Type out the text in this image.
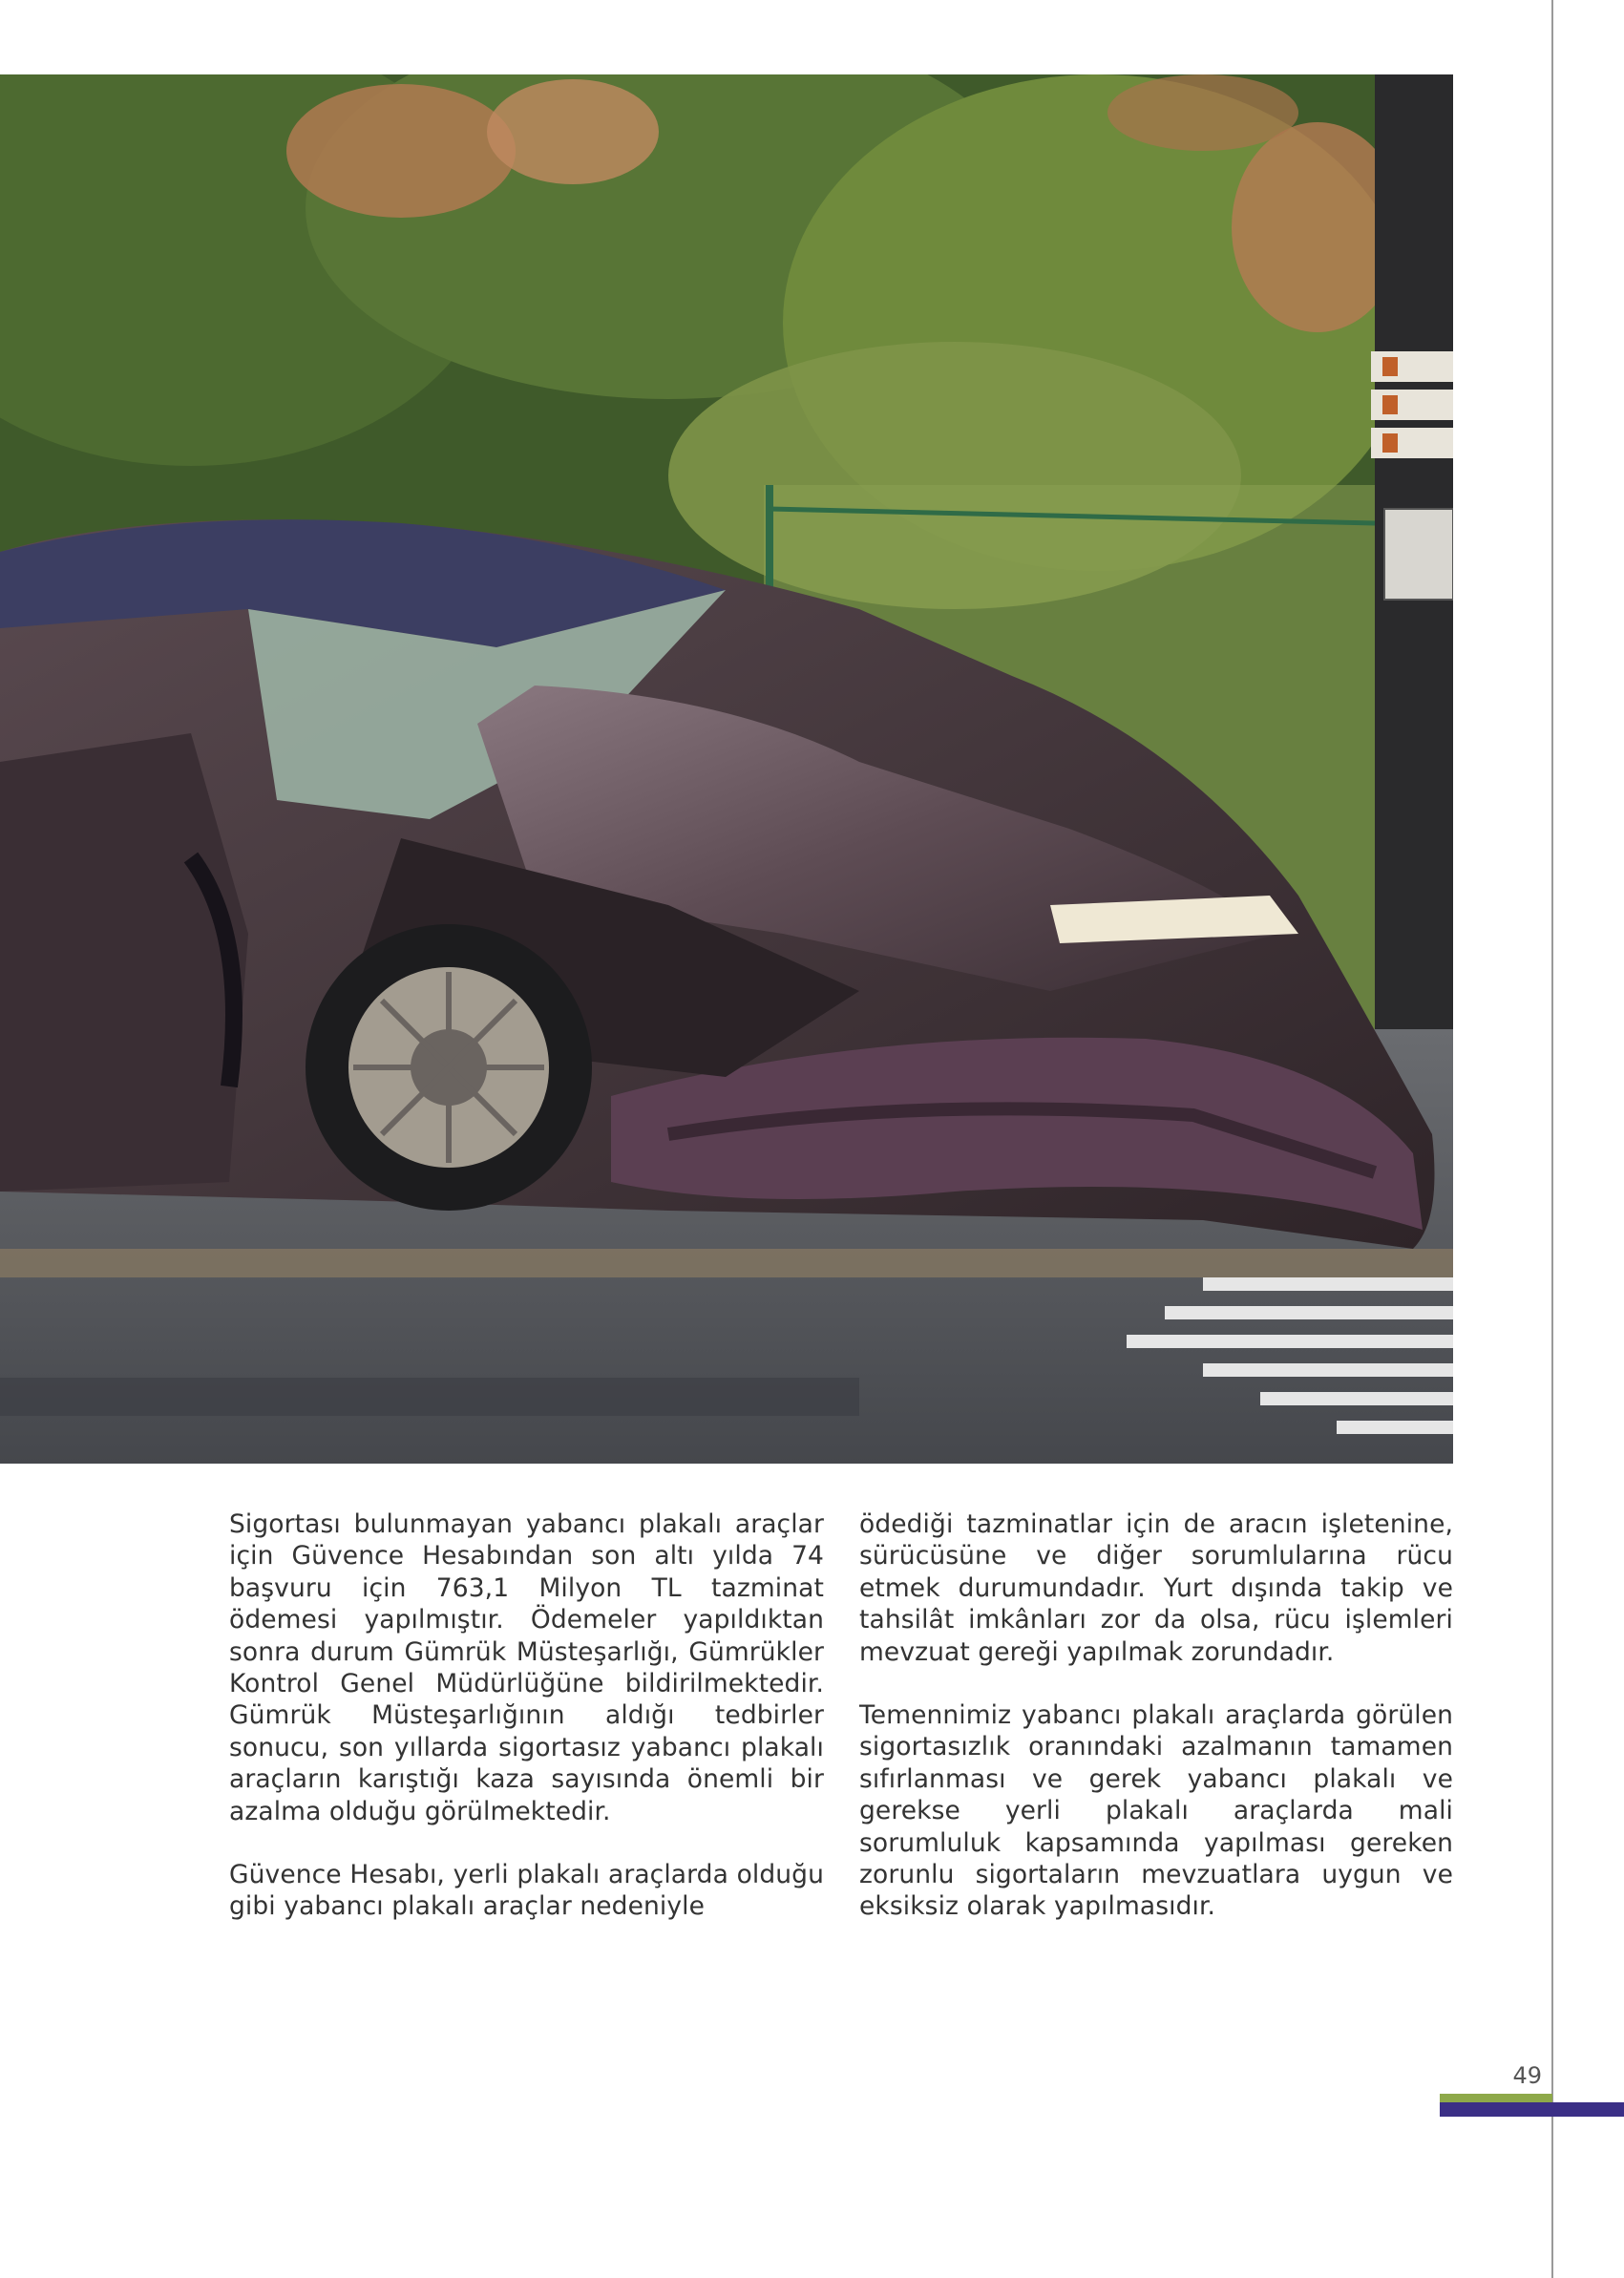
Sigortası bulunmayan yabancı plakalı araçlar için Güvence Hesabından son altı yılda 74 başvuru için 763,1 Milyon TL tazminat ödemesi yapılmıştır. Ödemeler yapıldıktan sonra durum Gümrük Müsteşarlığı, Gümrükler Kontrol Genel Müdürlüğüne bildirilmektedir. Gümrük Müsteşarlığının aldığı tedbirler sonucu, son yıllarda sigortasız yabancı plakalı araçların karıştığı kaza sayısında önemli bir azalma olduğu görülmektedir.

Güvence Hesabı, yerli plakalı araçlarda olduğu gibi yabancı plakalı araçlar nedeniyle

ödediği tazminatlar için de aracın işletenine, sürücüsüne ve diğer sorumlularına rücu etmek durumundadır. Yurt dışında takip ve tahsilât imkânları zor da olsa, rücu işlemleri mevzuat gereği yapılmak zorundadır.

Temennimiz yabancı plakalı araçlarda görülen sigortasızlık oranındaki azalmanın tamamen sıfırlanması ve gerek yabancı plakalı ve gerekse yerli plakalı araçlarda mali sorumluluk kapsamında yapılması gereken zorunlu sigortaların mevzuatlara uygun ve eksiksiz olarak yapılmasıdır.

49
